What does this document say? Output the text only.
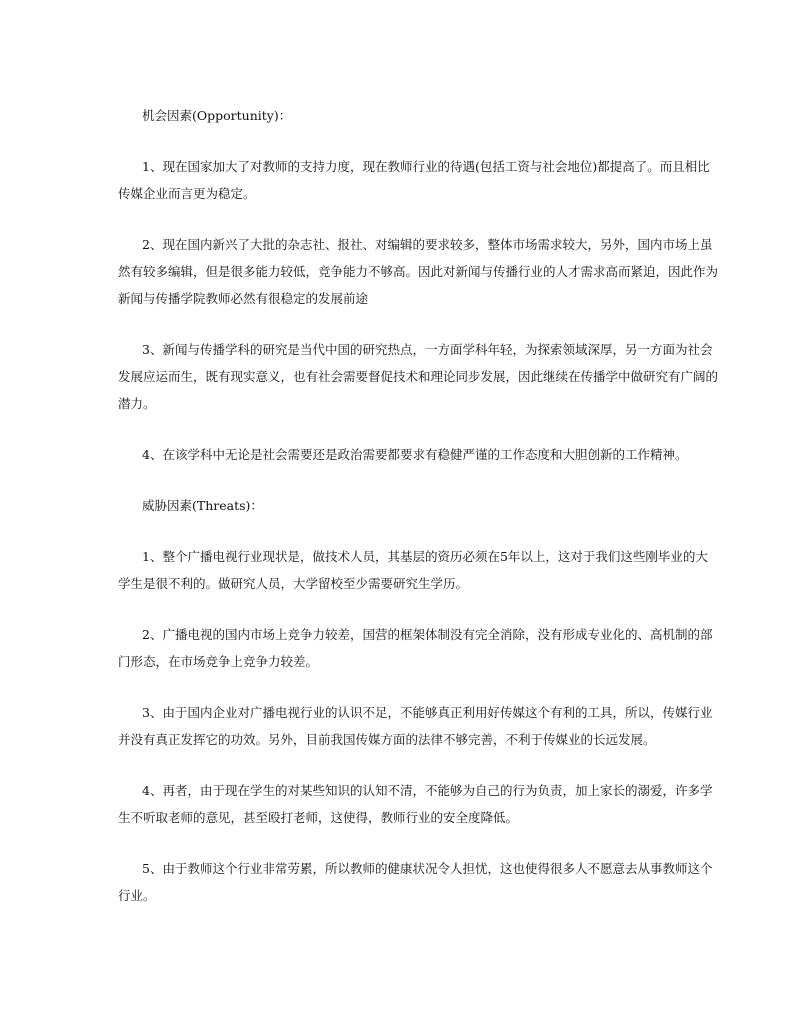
机会因素(Opportunity)：
1、现在国家加大了对教师的支持力度，现在教师行业的待遇(包括工资与社会地位)都提高了。而且相比
传媒企业而言更为稳定。
2、现在国内新兴了大批的杂志社、报社、对编辑的要求较多，整体市场需求较大，另外，国内市场上虽
然有较多编辑，但是很多能力较低，竞争能力不够高。因此对新闻与传播行业的人才需求高而紧迫，因此作为
新闻与传播学院教师必然有很稳定的发展前途
3、新闻与传播学科的研究是当代中国的研究热点，一方面学科年轻，为探索领域深厚，另一方面为社会
发展应运而生，既有现实意义，也有社会需要督促技术和理论同步发展，因此继续在传播学中做研究有广阔的
潜力。
4、在该学科中无论是社会需要还是政治需要都要求有稳健严谨的工作态度和大胆创新的工作精神。
威胁因素(Threats)：
1、整个广播电视行业现状是，做技术人员，其基层的资历必须在5年以上，这对于我们这些刚毕业的大
学生是很不利的。做研究人员，大学留校至少需要研究生学历。
2、广播电视的国内市场上竞争力较差，国营的框架体制没有完全消除，没有形成专业化的、高机制的部
门形态，在市场竞争上竞争力较差。
3、由于国内企业对广播电视行业的认识不足，不能够真正利用好传媒这个有利的工具，所以，传媒行业
并没有真正发挥它的功效。另外，目前我国传媒方面的法律不够完善，不利于传媒业的长远发展。
4、再者，由于现在学生的对某些知识的认知不清，不能够为自己的行为负责，加上家长的溺爱，许多学
生不听取老师的意见，甚至殴打老师，这使得，教师行业的安全度降低。
5、由于教师这个行业非常劳累，所以教师的健康状况令人担忧，这也使得很多人不愿意去从事教师这个
行业。
